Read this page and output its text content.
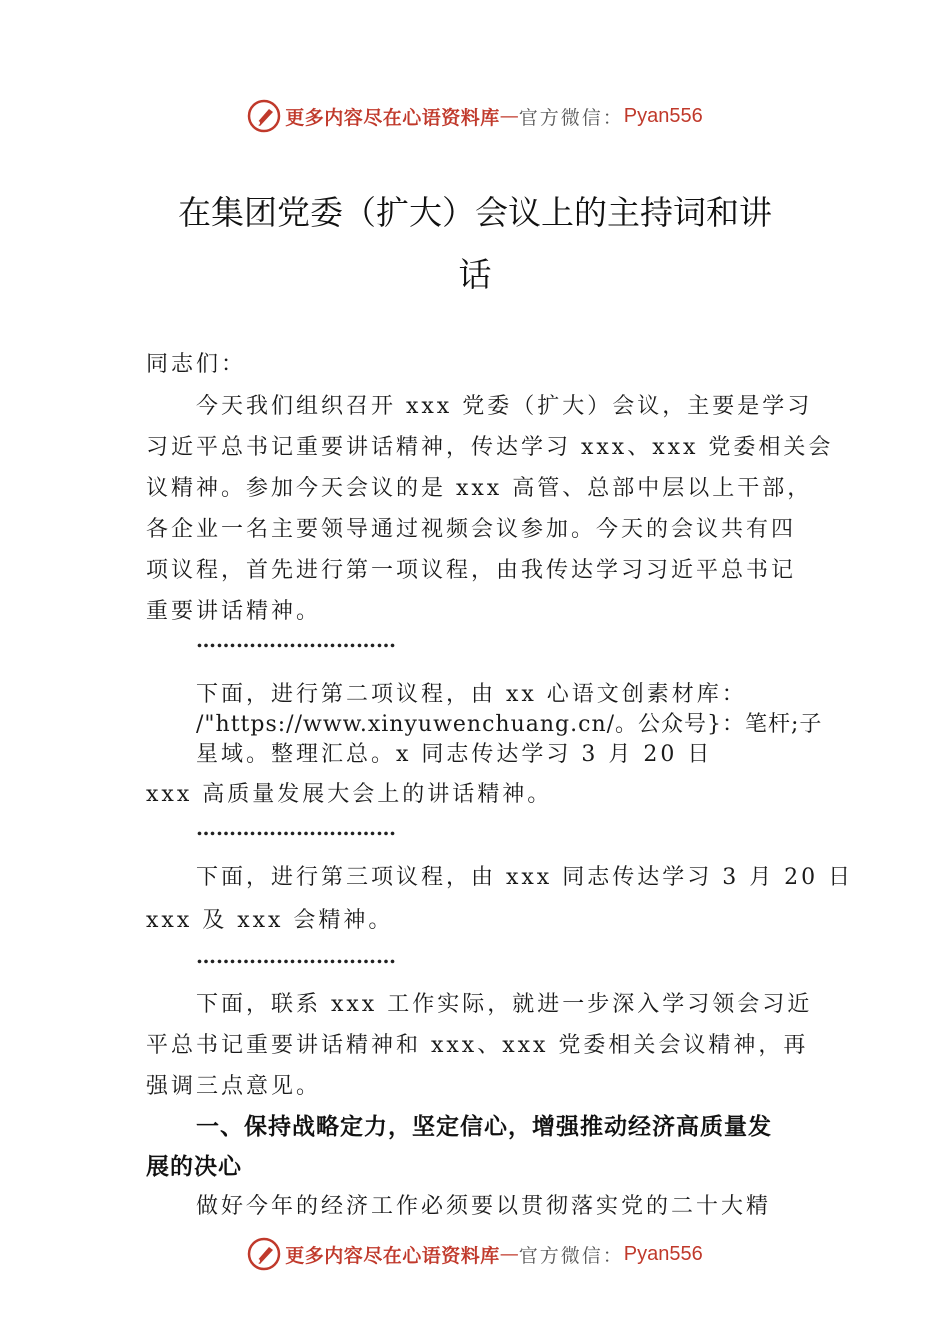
更多内容尽在心语资料库 — 官方微信： Pyan556
在集团党委（扩大）会议上的主持词和讲
话
同志们：
今天我们组织召开 xxx 党委（扩大）会议，主要是学习
习近平总书记重要讲话精神，传达学习 xxx、xxx 党委相关会
议精神。参加今天会议的是 xxx 高管、总部中层以上干部，
各企业一名主要领导通过视频会议参加。今天的会议共有四
项议程，首先进行第一项议程，由我传达学习习近平总书记
重要讲话精神。
…………………………
下面，进行第二项议程，由 xx 心语文创素材库：
/"https://www.xinyuwenchuang.cn/。公众号}：笔杆;子
星域。整理汇总。x 同志传达学习 3 月 20 日
xxx 高质量发展大会上的讲话精神。
…………………………
下面，进行第三项议程，由 xxx 同志传达学习 3 月 20 日
xxx 及 xxx 会精神。
…………………………
下面，联系 xxx 工作实际，就进一步深入学习领会习近
平总书记重要讲话精神和 xxx、xxx 党委相关会议精神，再
强调三点意见。
一、保持战略定力，坚定信心，增强推动经济高质量发
展的决心
做好今年的经济工作必须要以贯彻落实党的二十大精
更多内容尽在心语资料库 — 官方微信： Pyan556
